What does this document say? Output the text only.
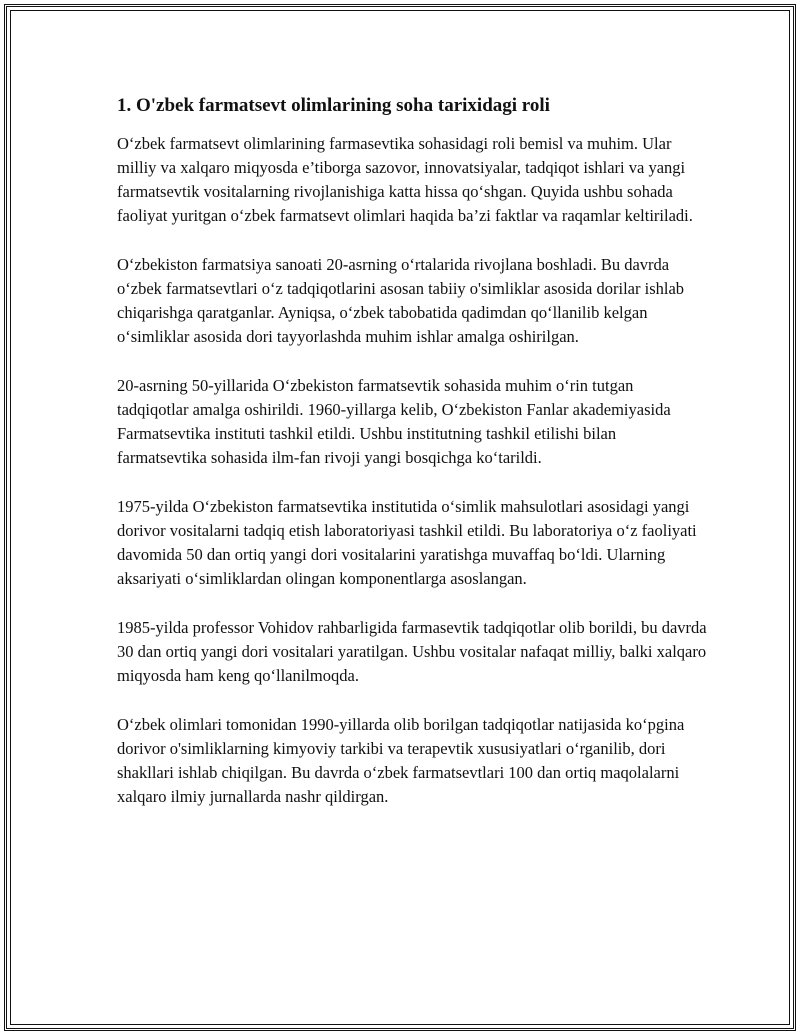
1. O'zbek farmatsevt olimlarining soha tarixidagi roli

O‘zbek farmatsevt olimlarining farmasevtika sohasidagi roli bemisl va muhim. Ular milliy va xalqaro miqyosda e’tiborga sazovor, innovatsiyalar, tadqiqot ishlari va yangi farmatsevtik vositalarning rivojlanishiga katta hissa qo‘shgan. Quyida ushbu sohada faoliyat yuritgan o‘zbek farmatsevt olimlari haqida ba’zi faktlar va raqamlar keltiriladi.

O‘zbekiston farmatsiya sanoati 20-asrning o‘rtalarida rivojlana boshladi. Bu davrda o‘zbek farmatsevtlari o‘z tadqiqotlarini asosan tabiiy o'simliklar asosida dorilar ishlab chiqarishga qaratganlar. Ayniqsa, o‘zbek tabobatida qadimdan qo‘llanilib kelgan o‘simliklar asosida dori tayyorlashda muhim ishlar amalga oshirilgan.

20-asrning 50-yillarida O‘zbekiston farmatsevtik sohasida muhim o‘rin tutgan tadqiqotlar amalga oshirildi. 1960-yillarga kelib, O‘zbekiston Fanlar akademiyasida Farmatsevtika instituti tashkil etildi. Ushbu institutning tashkil etilishi bilan farmatsevtika sohasida ilm-fan rivoji yangi bosqichga ko‘tarildi.

1975-yilda O‘zbekiston farmatsevtika institutida o‘simlik mahsulotlari asosidagi yangi dorivor vositalarni tadqiq etish laboratoriyasi tashkil etildi. Bu laboratoriya o‘z faoliyati davomida 50 dan ortiq yangi dori vositalarini yaratishga muvaffaq bo‘ldi. Ularning aksariyati o‘simliklardan olingan komponentlarga asoslangan.

1985-yilda professor Vohidov rahbarligida farmasevtik tadqiqotlar olib borildi, bu davrda 30 dan ortiq yangi dori vositalari yaratilgan. Ushbu vositalar nafaqat milliy, balki xalqaro miqyosda ham keng qo‘llanilmoqda.

O‘zbek olimlari tomonidan 1990-yillarda olib borilgan tadqiqotlar natijasida ko‘pgina dorivor o'simliklarning kimyoviy tarkibi va terapevtik xususiyatlari o‘rganilib, dori shakllari ishlab chiqilgan. Bu davrda o‘zbek farmatsevtlari 100 dan ortiq maqolalarni xalqaro ilmiy jurnallarda nashr qildirgan.
